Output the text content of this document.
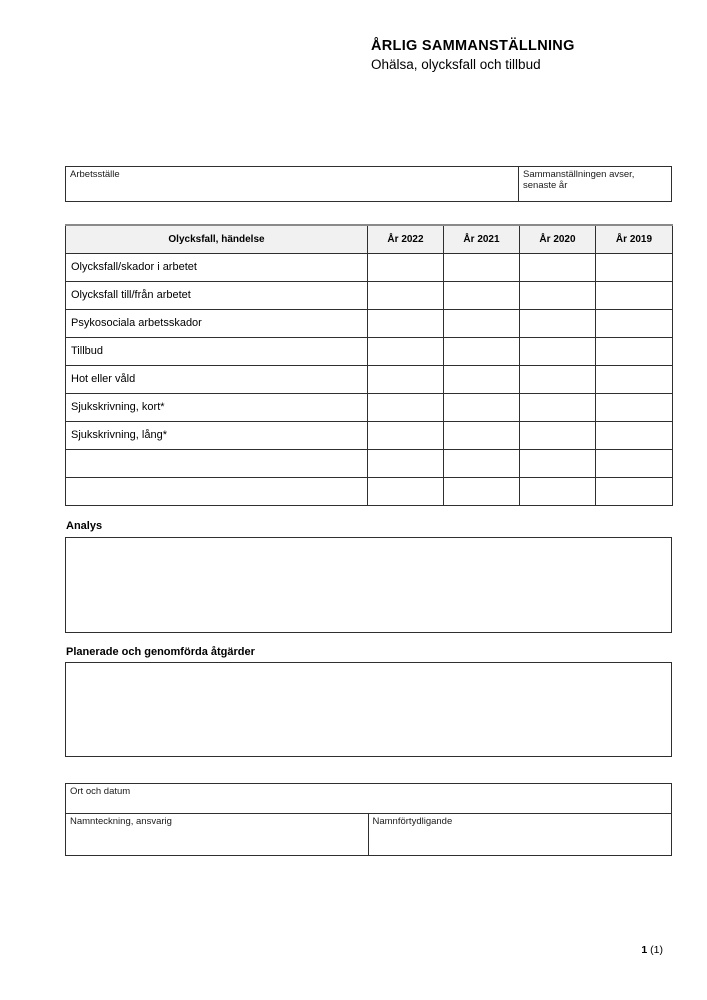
ÅRLIG SAMMANSTÄLLNING
Ohälsa, olycksfall och tillbud
Arbetsställe	Sammanställningen avser, senaste år
Olycksfall, händelse	År 2022	År 2021	År 2020	År 2019
Olycksfall/skador i arbetet				
Olycksfall till/från arbetet				
Psykosociala arbetsskador				
Tillbud				
Hot eller våld				
Sjukskrivning, kort*				
Sjukskrivning, lång*				

Analys
Planerade och genomförda åtgärder
Ort och datum
Namnteckning, ansvarig	Namnförtydligande
1 (1)
